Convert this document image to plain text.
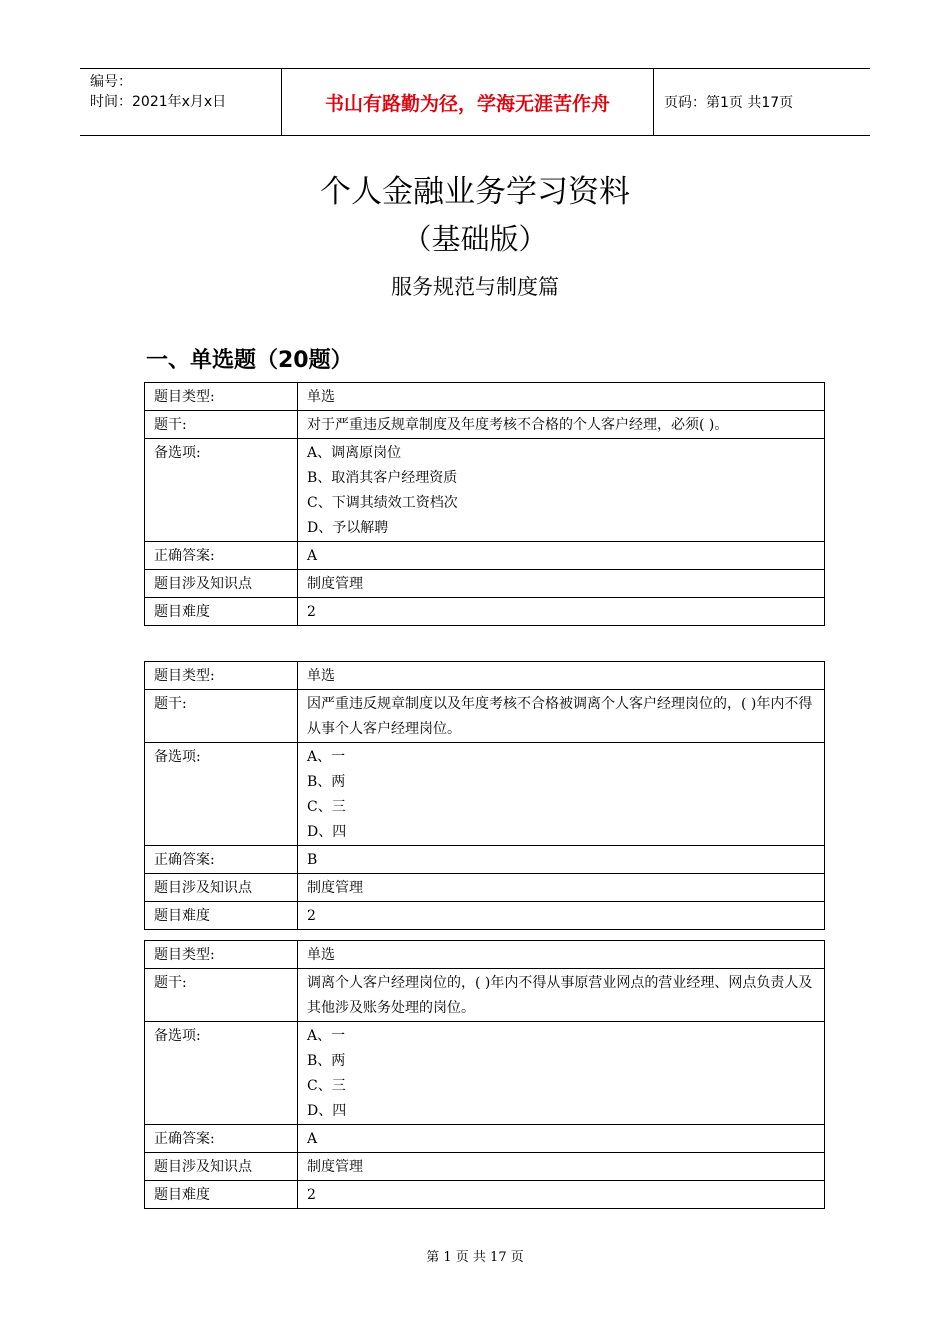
编号：
时间：2021年x月x日	书山有路勤为径，学海无涯苦作舟	页码：第1页 共17页
个人金融业务学习资料
（基础版）
服务规范与制度篇
一、单选题（20题）
题目类型:	单选
题干:	对于严重违反规章制度及年度考核不合格的个人客户经理，必须( )。
备选项:	A、调离原岗位
B、取消其客户经理资质
C、下调其绩效工资档次
D、予以解聘

正确答案:	A
题目涉及知识点	制度管理
题目难度	2
题目类型:	单选
题干:	因严重违反规章制度以及年度考核不合格被调离个人客户经理岗位的，( )年内不得从事个人客户经理岗位。
备选项:	A、一
B、两
C、三
D、四

正确答案:	B
题目涉及知识点	制度管理
题目难度	2
题目类型:	单选
题干:	调离个人客户经理岗位的，( )年内不得从事原营业网点的营业经理、网点负责人及其他涉及账务处理的岗位。
备选项:	A、一
B、两
C、三
D、四

正确答案:	A
题目涉及知识点	制度管理
题目难度	2
第 1 页 共 17 页
